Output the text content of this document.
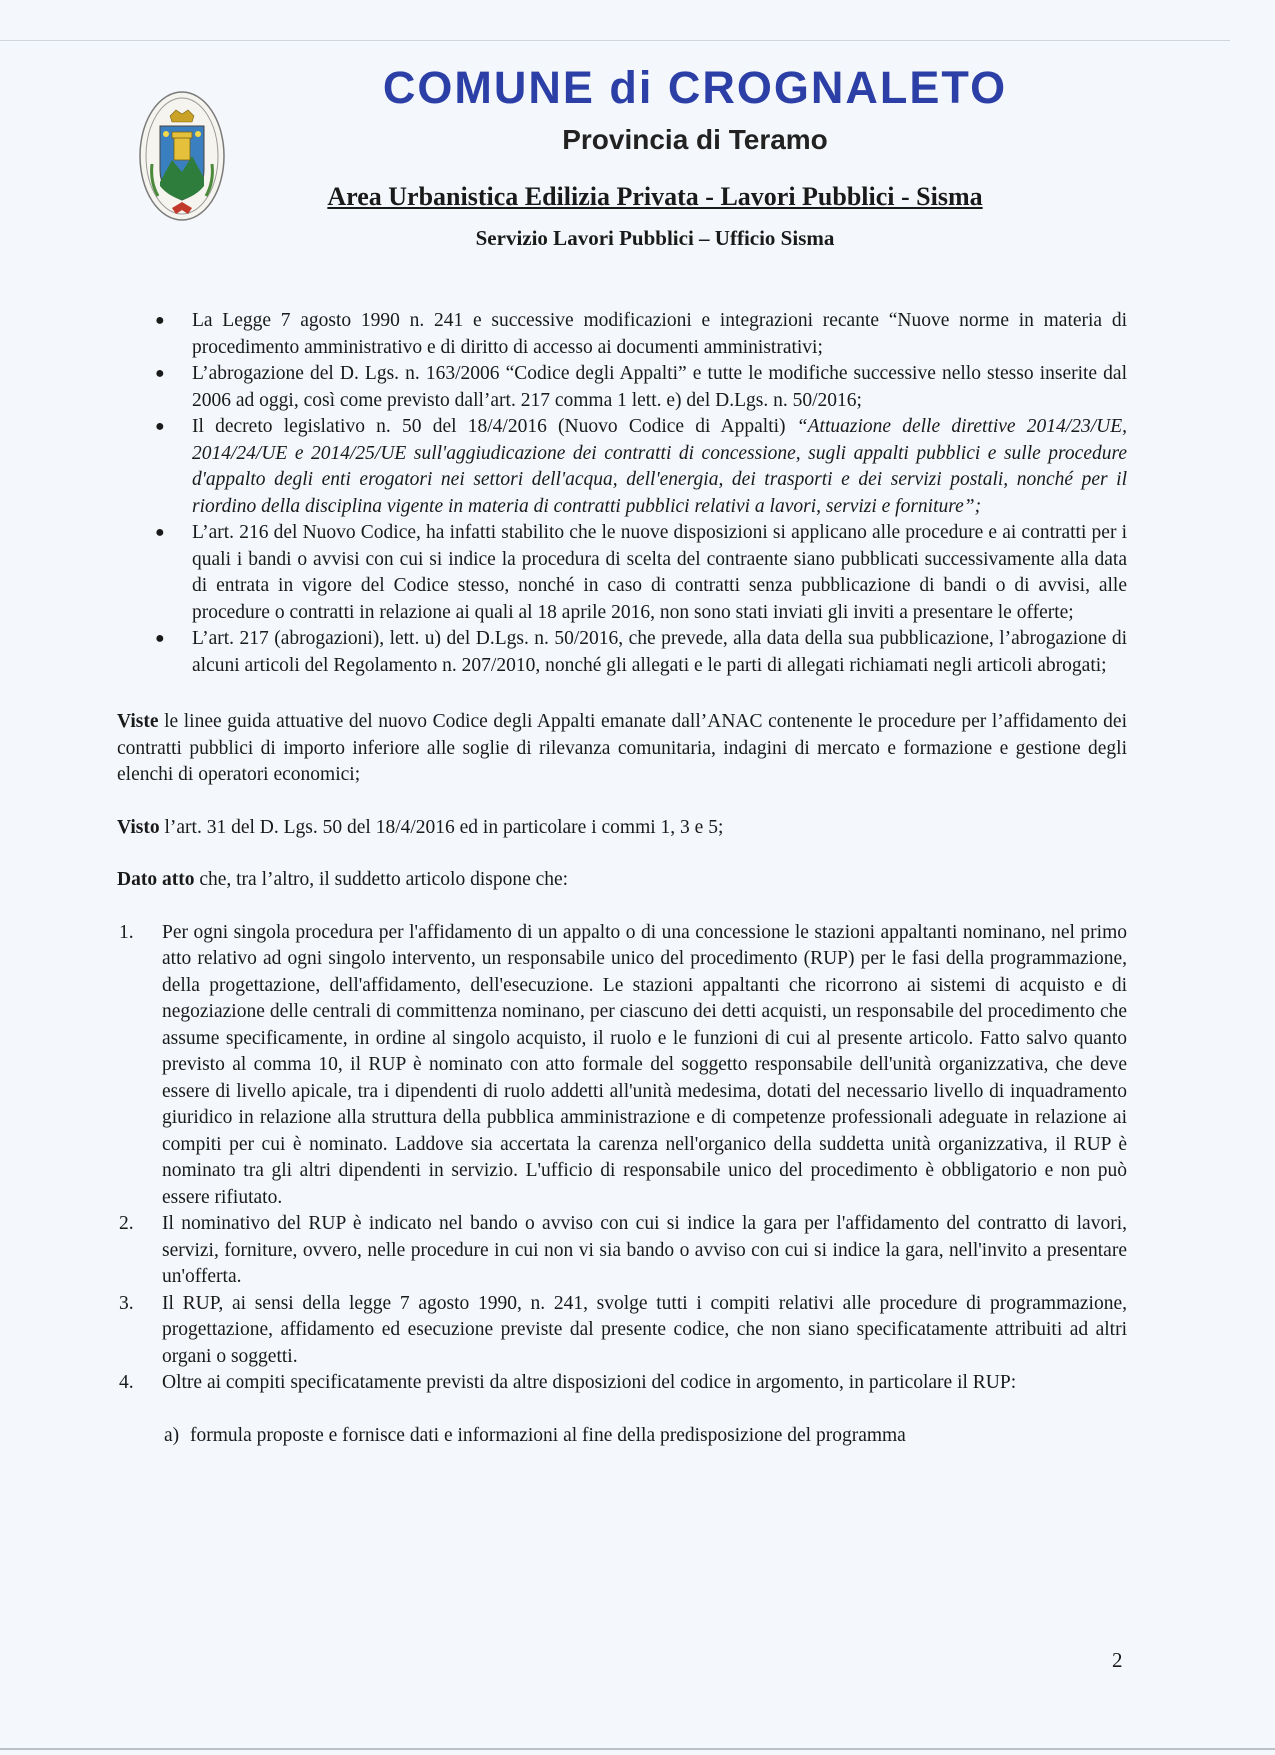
COMUNE di CROGNALETO
Provincia di Teramo
Area Urbanistica Edilizia Privata - Lavori Pubblici - Sisma
Servizio Lavori Pubblici – Ufficio Sisma
● La Legge 7 agosto 1990 n. 241 e successive modificazioni e integrazioni recante “Nuove norme in materia di procedimento amministrativo e di diritto di accesso ai documenti amministrativi;
● L’abrogazione del D. Lgs. n. 163/2006 “Codice degli Appalti” e tutte le modifiche successive nello stesso inserite dal 2006 ad oggi, così come previsto dall’art. 217 comma 1 lett. e) del D.Lgs. n. 50/2016;
● Il decreto legislativo n. 50 del 18/4/2016 (Nuovo Codice di Appalti) “Attuazione delle direttive 2014/23/UE, 2014/24/UE e 2014/25/UE sull'aggiudicazione dei contratti di concessione, sugli appalti pubblici e sulle procedure d'appalto degli enti erogatori nei settori dell'acqua, dell'energia, dei trasporti e dei servizi postali, nonché per il riordino della disciplina vigente in materia di contratti pubblici relativi a lavori, servizi e forniture”;
● L’art. 216 del Nuovo Codice, ha infatti stabilito che le nuove disposizioni si applicano alle procedure e ai contratti per i quali i bandi o avvisi con cui si indice la procedura di scelta del contraente siano pubblicati successivamente alla data di entrata in vigore del Codice stesso, nonché in caso di contratti senza pubblicazione di bandi o di avvisi, alle procedure o contratti in relazione ai quali al 18 aprile 2016, non sono stati inviati gli inviti a presentare le offerte;
● L’art. 217 (abrogazioni), lett. u) del D.Lgs. n. 50/2016, che prevede, alla data della sua pubblicazione, l’abrogazione di alcuni articoli del Regolamento n. 207/2010, nonché gli allegati e le parti di allegati richiamati negli articoli abrogati;

Viste le linee guida attuative del nuovo Codice degli Appalti emanate dall’ANAC contenente le procedure per l’affidamento dei contratti pubblici di importo inferiore alle soglie di rilevanza comunitaria, indagini di mercato e formazione e gestione degli elenchi di operatori economici;

Visto l’art. 31 del D. Lgs. 50 del 18/4/2016 ed in particolare i commi 1, 3 e 5;

Dato atto che, tra l’altro, il suddetto articolo dispone che:

1. Per ogni singola procedura per l'affidamento di un appalto o di una concessione le stazioni appaltanti nominano, nel primo atto relativo ad ogni singolo intervento, un responsabile unico del procedimento (RUP) per le fasi della programmazione, della progettazione, dell'affidamento, dell'esecuzione. Le stazioni appaltanti che ricorrono ai sistemi di acquisto e di negoziazione delle centrali di committenza nominano, per ciascuno dei detti acquisti, un responsabile del procedimento che assume specificamente, in ordine al singolo acquisto, il ruolo e le funzioni di cui al presente articolo. Fatto salvo quanto previsto al comma 10, il RUP è nominato con atto formale del soggetto responsabile dell'unità organizzativa, che deve essere di livello apicale, tra i dipendenti di ruolo addetti all'unità medesima, dotati del necessario livello di inquadramento giuridico in relazione alla struttura della pubblica amministrazione e di competenze professionali adeguate in relazione ai compiti per cui è nominato. Laddove sia accertata la carenza nell'organico della suddetta unità organizzativa, il RUP è nominato tra gli altri dipendenti in servizio. L'ufficio di responsabile unico del procedimento è obbligatorio e non può essere rifiutato.
2. Il nominativo del RUP è indicato nel bando o avviso con cui si indice la gara per l'affidamento del contratto di lavori, servizi, forniture, ovvero, nelle procedure in cui non vi sia bando o avviso con cui si indice la gara, nell'invito a presentare un'offerta.
3. Il RUP, ai sensi della legge 7 agosto 1990, n. 241, svolge tutti i compiti relativi alle procedure di programmazione, progettazione, affidamento ed esecuzione previste dal presente codice, che non siano specificatamente attribuiti ad altri organi o soggetti.
4. Oltre ai compiti specificatamente previsti da altre disposizioni del codice in argomento, in particolare il RUP:
a) formula proposte e fornisce dati e informazioni al fine della predisposizione del programma
2
